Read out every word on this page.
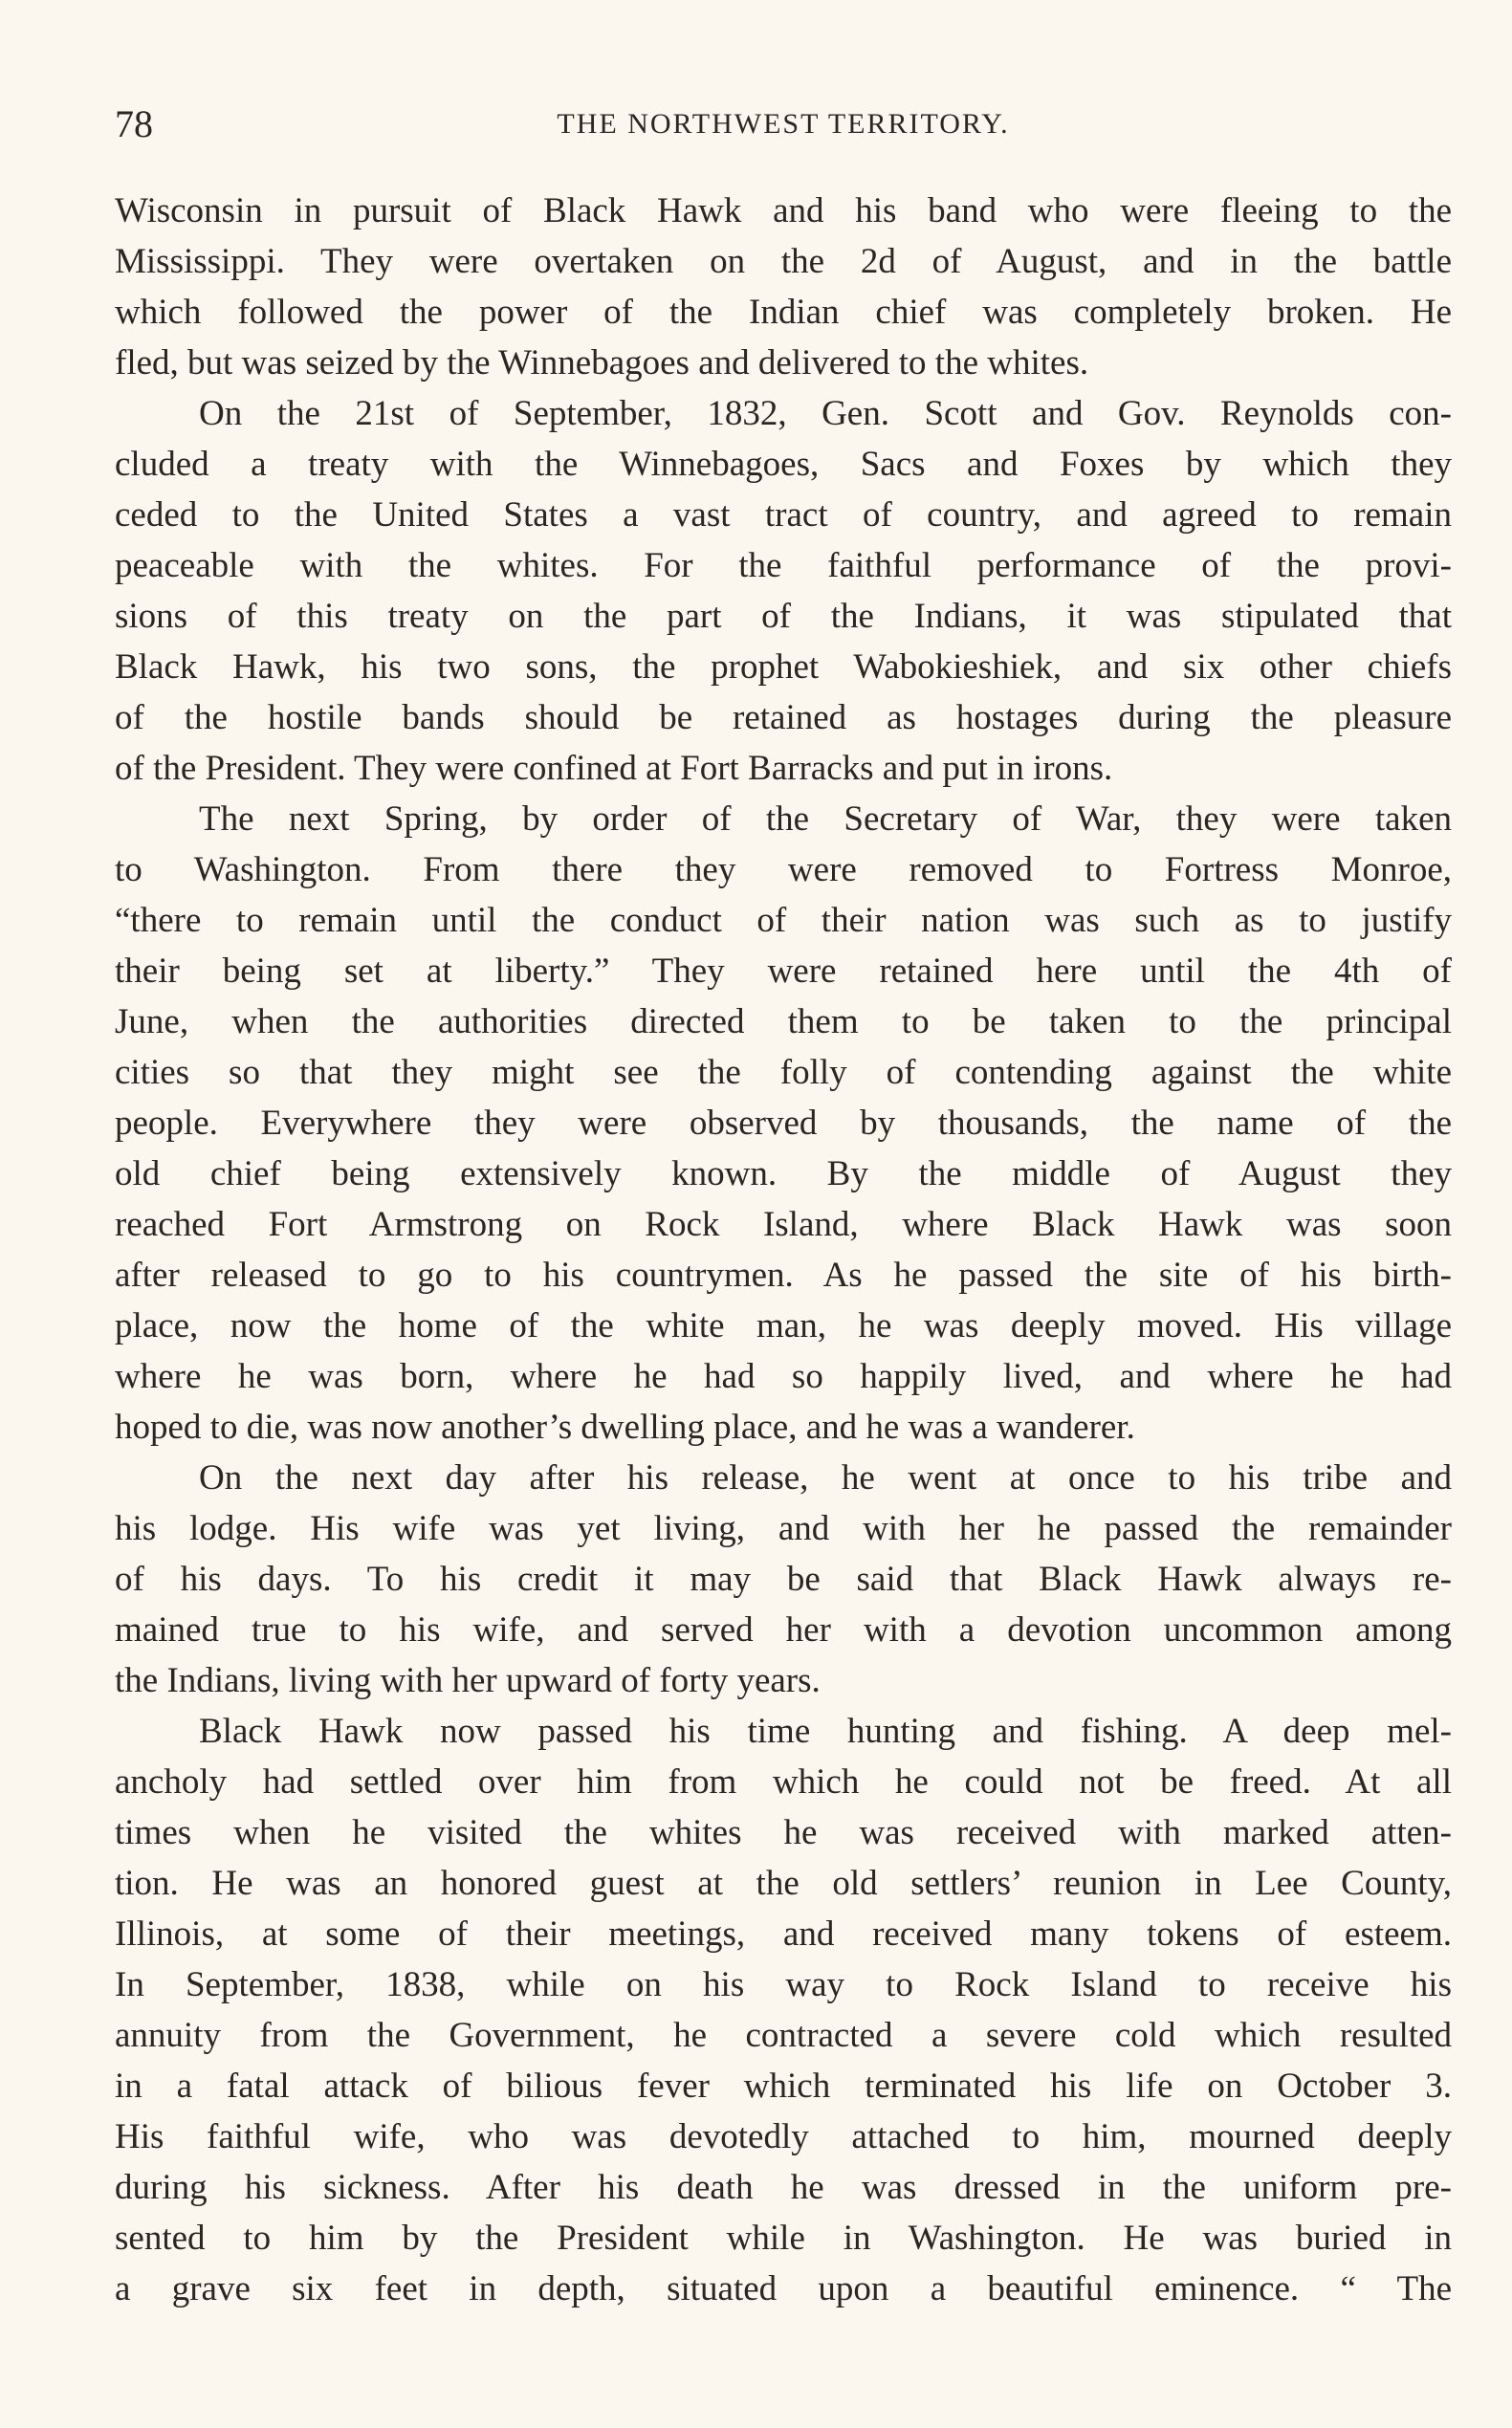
78	THE NORTHWEST TERRITORY.
Wisconsin in pursuit of Black Hawk and his band who were fleeing to the
Mississippi. They were overtaken on the 2d of August, and in the battle
which followed the power of the Indian chief was completely broken. He
fled, but was seized by the Winnebagoes and delivered to the whites.
On the 21st of September, 1832, Gen. Scott and Gov. Reynolds con-
cluded a treaty with the Winnebagoes, Sacs and Foxes by which they
ceded to the United States a vast tract of country, and agreed to remain
peaceable with the whites. For the faithful performance of the provi-
sions of this treaty on the part of the Indians, it was stipulated that
Black Hawk, his two sons, the prophet Wabokieshiek, and six other chiefs
of the hostile bands should be retained as hostages during the pleasure
of the President. They were confined at Fort Barracks and put in irons.
The next Spring, by order of the Secretary of War, they were taken
to Washington. From there they were removed to Fortress Monroe,
“there to remain until the conduct of their nation was such as to justify
their being set at liberty.” They were retained here until the 4th of
June, when the authorities directed them to be taken to the principal
cities so that they might see the folly of contending against the white
people. Everywhere they were observed by thousands, the name of the
old chief being extensively known. By the middle of August they
reached Fort Armstrong on Rock Island, where Black Hawk was soon
after released to go to his countrymen. As he passed the site of his birth-
place, now the home of the white man, he was deeply moved. His village
where he was born, where he had so happily lived, and where he had
hoped to die, was now another’s dwelling place, and he was a wanderer.
On the next day after his release, he went at once to his tribe and
his lodge. His wife was yet living, and with her he passed the remainder
of his days. To his credit it may be said that Black Hawk always re-
mained true to his wife, and served her with a devotion uncommon among
the Indians, living with her upward of forty years.
Black Hawk now passed his time hunting and fishing. A deep mel-
ancholy had settled over him from which he could not be freed. At all
times when he visited the whites he was received with marked atten-
tion. He was an honored guest at the old settlers’ reunion in Lee County,
Illinois, at some of their meetings, and received many tokens of esteem.
In September, 1838, while on his way to Rock Island to receive his
annuity from the Government, he contracted a severe cold which resulted
in a fatal attack of bilious fever which terminated his life on October 3.
His faithful wife, who was devotedly attached to him, mourned deeply
during his sickness. After his death he was dressed in the uniform pre-
sented to him by the President while in Washington. He was buried in
a grave six feet in depth, situated upon a beautiful eminence. “ The
